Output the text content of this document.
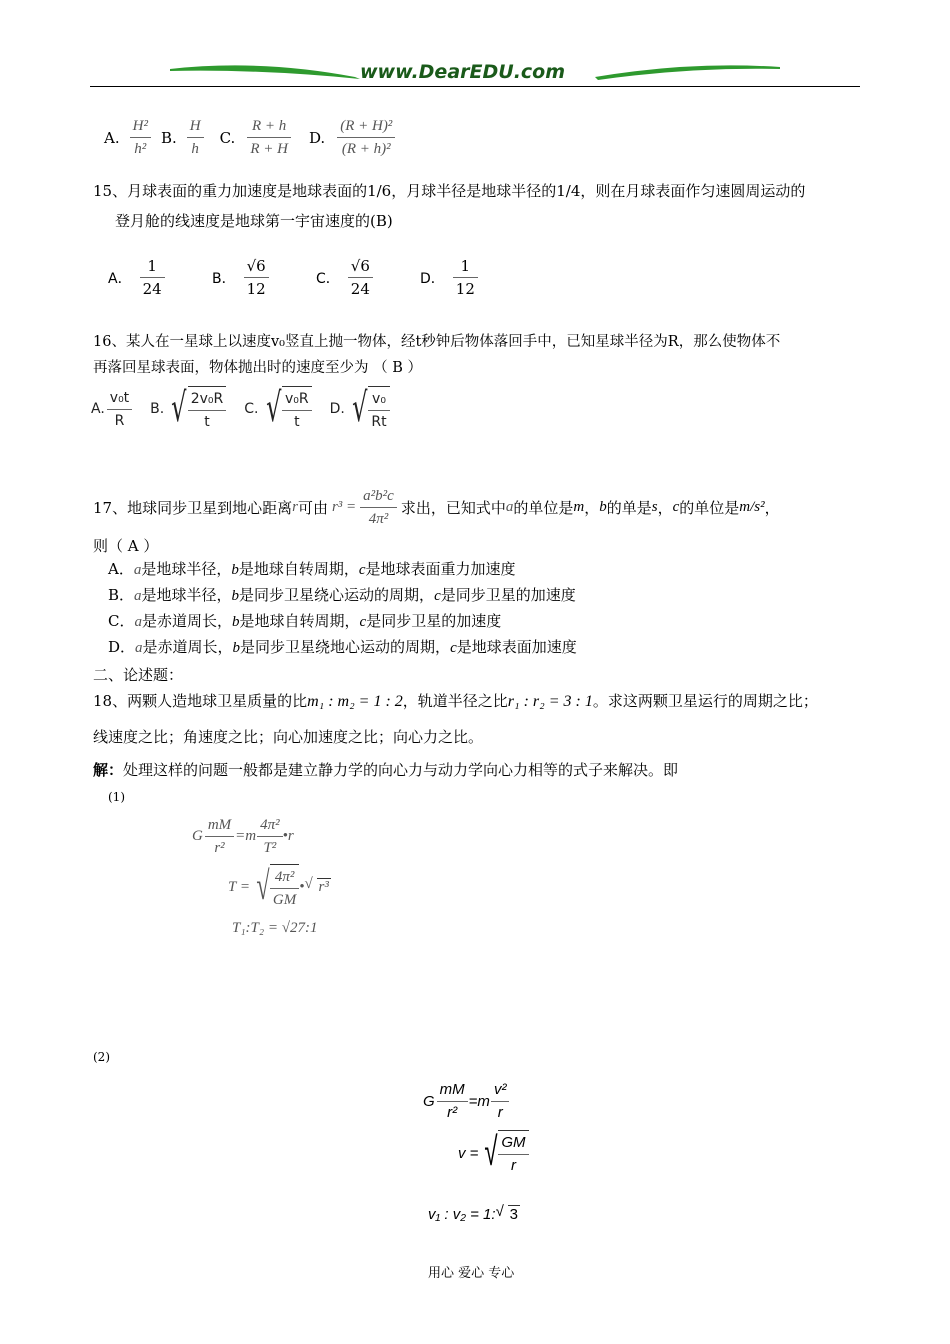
www.DearEDU.com
A. $\frac{\text{H²}}{\text{h²}} B$. $\frac{H}{h} C$. $\frac{R + h}{R + H} D$. $\frac{\text{(R + H)²}}{\text{(R + h)²}}$
15、月球表面的重力加速度是地球表面的1/6，月球半径是地球半径的1/4，则在月球表面作匀速圆周运动的
登月舱的线速度是地球第一宇宙速度的(B)
A． $\frac{1}{24}$	B． $\frac{√6}{12}$	C． $\frac{√6}{24}$	D． $\frac{1}{12}$
16、某人在一星球上以速度v₀竖直上抛一物体，经t秒钟后物体落回手中，已知星球半径为R，那么使物体不
再落回星球表面，物体抛出时的速度至少为 （ B ）
A. $\frac{\text{v₀t}}{R} B$. √ $\frac{\text{2v₀R}}{t} C$. √ $\frac{\text{v₀R}}{t} D$. √ $\frac{\text{v₀}}{Rt}$
17、地球同步卫星到地心距离 r 可由 $r^3 = \frac{\text{a²b²c}}{\text{4π²}}$ 求出，已知式中 a 的单位是 m ， b 的单是 s ， c 的单位是 m/s² ，
则（ A ）
A．a是地球半径，b是地球自转周期，c是地球表面重力加速度
B．a是地球半径，b是同步卫星绕心运动的周期，c是同步卫星的加速度
C．a是赤道周长，b是地球自转周期，c是同步卫星的加速度
D．a是赤道周长，b是同步卫星绕地心运动的周期，c是地球表面加速度
二、论述题：
18、两颗人造地球卫星质量的比m₁ : m₂ = 1 : 2，轨道半径之比r₁ : r₂ = 3 : 1。求这两颗卫星运行的周期之比；
线速度之比；角速度之比；向心加速度之比；向心力之比。
解：处理这样的问题一般都是建立静力学的向心力与动力学向心力相等的式子来解决。即
(1)
G $\frac{mM}{\text{r²}} =m \frac{\text{4π²}}{\text{T²}}$ •r
T = √ $\frac{\text{4π²}}{GM}$ • √ r³
T₁:T₂ = √27:1
(2)
G $\frac{mM}{\text{r²}} =m \frac{\text{v²}}{r}$
v = √ $\frac{GM}{r}$
v₁ : v₂ = 1: √ 3
用心 爱心 专心
